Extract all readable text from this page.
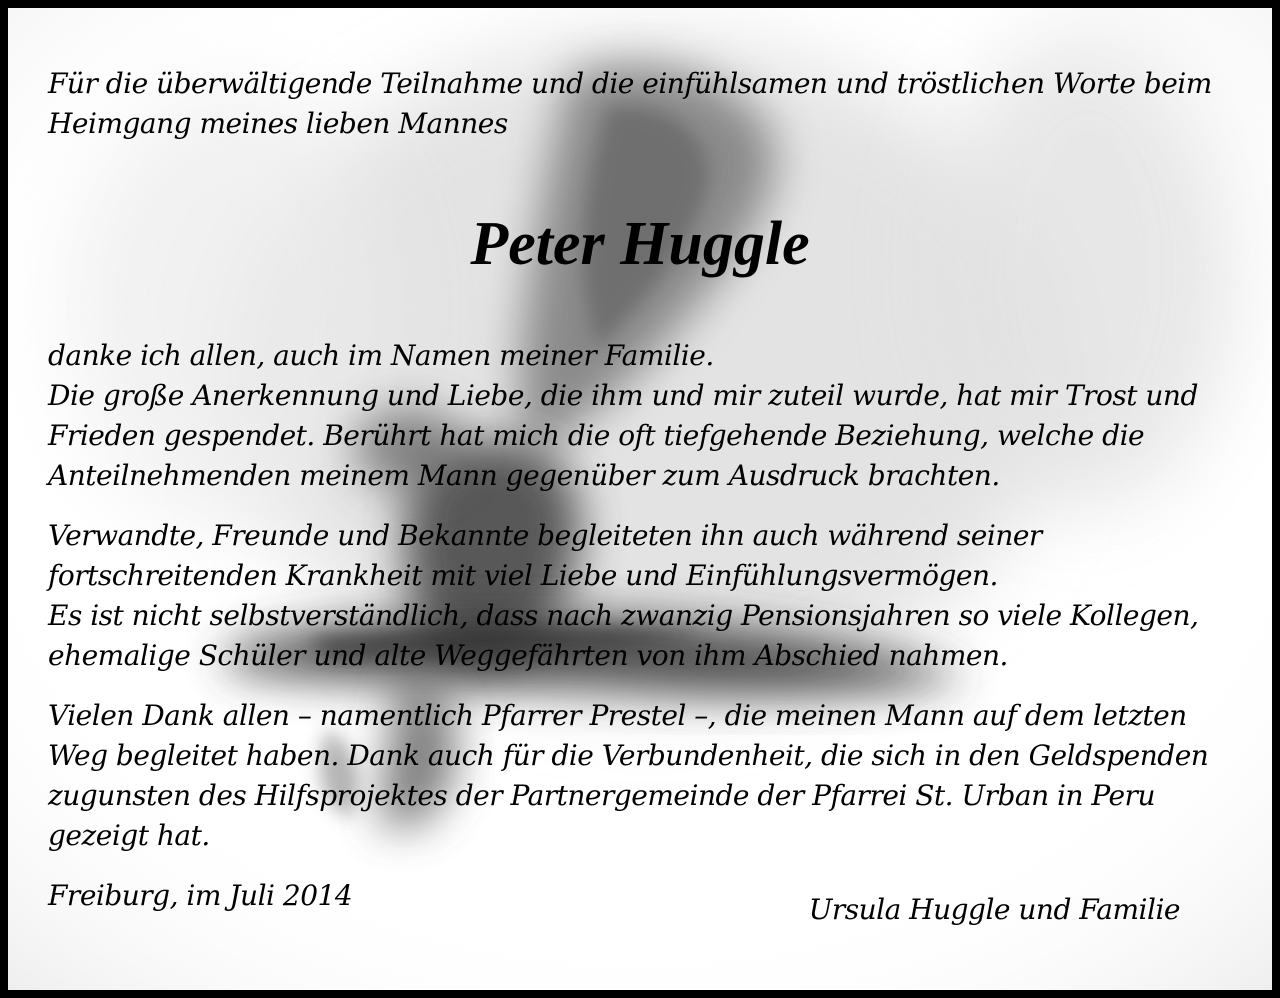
Für die überwältigende Teilnahme und die einfühlsamen und tröstlichen Worte beim
Heimgang meines lieben Mannes
Peter Huggle
danke ich allen, auch im Namen meiner Familie.
Die große Anerkennung und Liebe, die ihm und mir zuteil wurde, hat mir Trost und
Frieden gespendet. Berührt hat mich die oft tiefgehende Beziehung, welche die
Anteilnehmenden meinem Mann gegenüber zum Ausdruck brachten.
Verwandte, Freunde und Bekannte begleiteten ihn auch während seiner
fortschreitenden Krankheit mit viel Liebe und Einfühlungsvermögen.
Es ist nicht selbstverständlich, dass nach zwanzig Pensionsjahren so viele Kollegen,
ehemalige Schüler und alte Weggefährten von ihm Abschied nahmen.
Vielen Dank allen – namentlich Pfarrer Prestel –, die meinen Mann auf dem letzten
Weg begleitet haben. Dank auch für die Verbundenheit, die sich in den Geldspenden
zugunsten des Hilfsprojektes der Partnergemeinde der Pfarrei St. Urban in Peru
gezeigt hat.
Freiburg, im Juli 2014	Ursula Huggle und Familie
